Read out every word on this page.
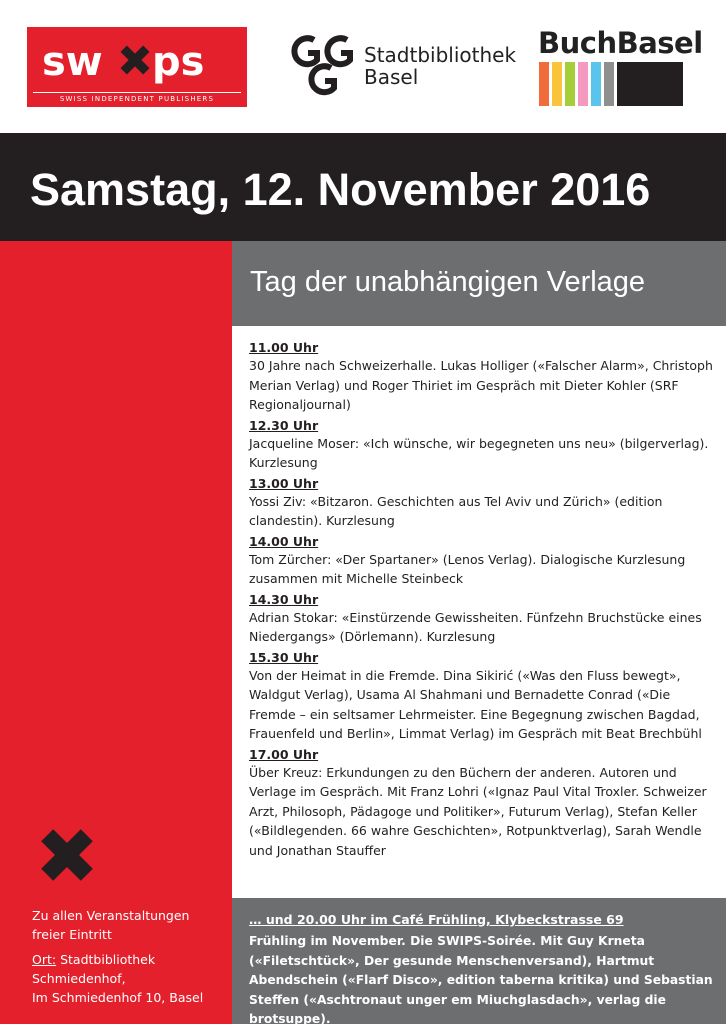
sw ps
SWISS INDEPENDENT PUBLISHERS
Stadtbibliothek
Basel
BuchBasel
Samstag, 12. November 2016
Zu allen Veranstaltungen
freier Eintritt
Ort: Stadtbibliothek
Schmiedenhof,
Im Schmiedenhof 10, Basel
Tag der unabhängigen Verlage
11.00 Uhr
30 Jahre nach Schweizerhalle. Lukas Holliger («Falscher Alarm», Christoph Merian Verlag) und Roger Thiriet im Gespräch mit Dieter Kohler (SRF Regionaljournal)
12.30 Uhr
Jacqueline Moser: «Ich wünsche, wir begegneten uns neu» (bilgerverlag). Kurzlesung
13.00 Uhr
Yossi Ziv: «Bitzaron. Geschichten aus Tel Aviv und Zürich» (edition clandestin). Kurzlesung
14.00 Uhr
Tom Zürcher: «Der Spartaner» (Lenos Verlag). Dialogische Kurzlesung zusammen mit Michelle Steinbeck
14.30 Uhr
Adrian Stokar: «Einstürzende Gewissheiten. Fünfzehn Bruchstücke eines Niedergangs» (Dörlemann). Kurzlesung
15.30 Uhr
Von der Heimat in die Fremde. Dina Sikirić («Was den Fluss bewegt», Waldgut Verlag), Usama Al Shahmani und Bernadette Conrad («Die Fremde – ein seltsamer Lehrmeister. Eine Begegnung zwischen Bagdad, Frauenfeld und Berlin», Limmat Verlag) im Gespräch mit Beat Brechbühl
17.00 Uhr
Über Kreuz: Erkundungen zu den Büchern der anderen. Autoren und Verlage im Gespräch. Mit Franz Lohri («Ignaz Paul Vital Troxler. Schweizer Arzt, Philosoph, Pädagoge und Politiker», Futurum Verlag), Stefan Keller («Bildlegenden. 66 wahre Geschichten», Rotpunktverlag), Sarah Wendle und Jonathan Stauffer
… und 20.00 Uhr im Café Frühling, Klybeckstrasse 69
Frühling im November. Die SWIPS-Soirée. Mit Guy Krneta («Filetschtück», Der gesunde Menschenversand), Hartmut Abendschein («Flarf Disco», edition taberna kritika) und Sebastian Steffen («Aschtronaut unger em Miuchglasdach», verlag die brotsuppe).
